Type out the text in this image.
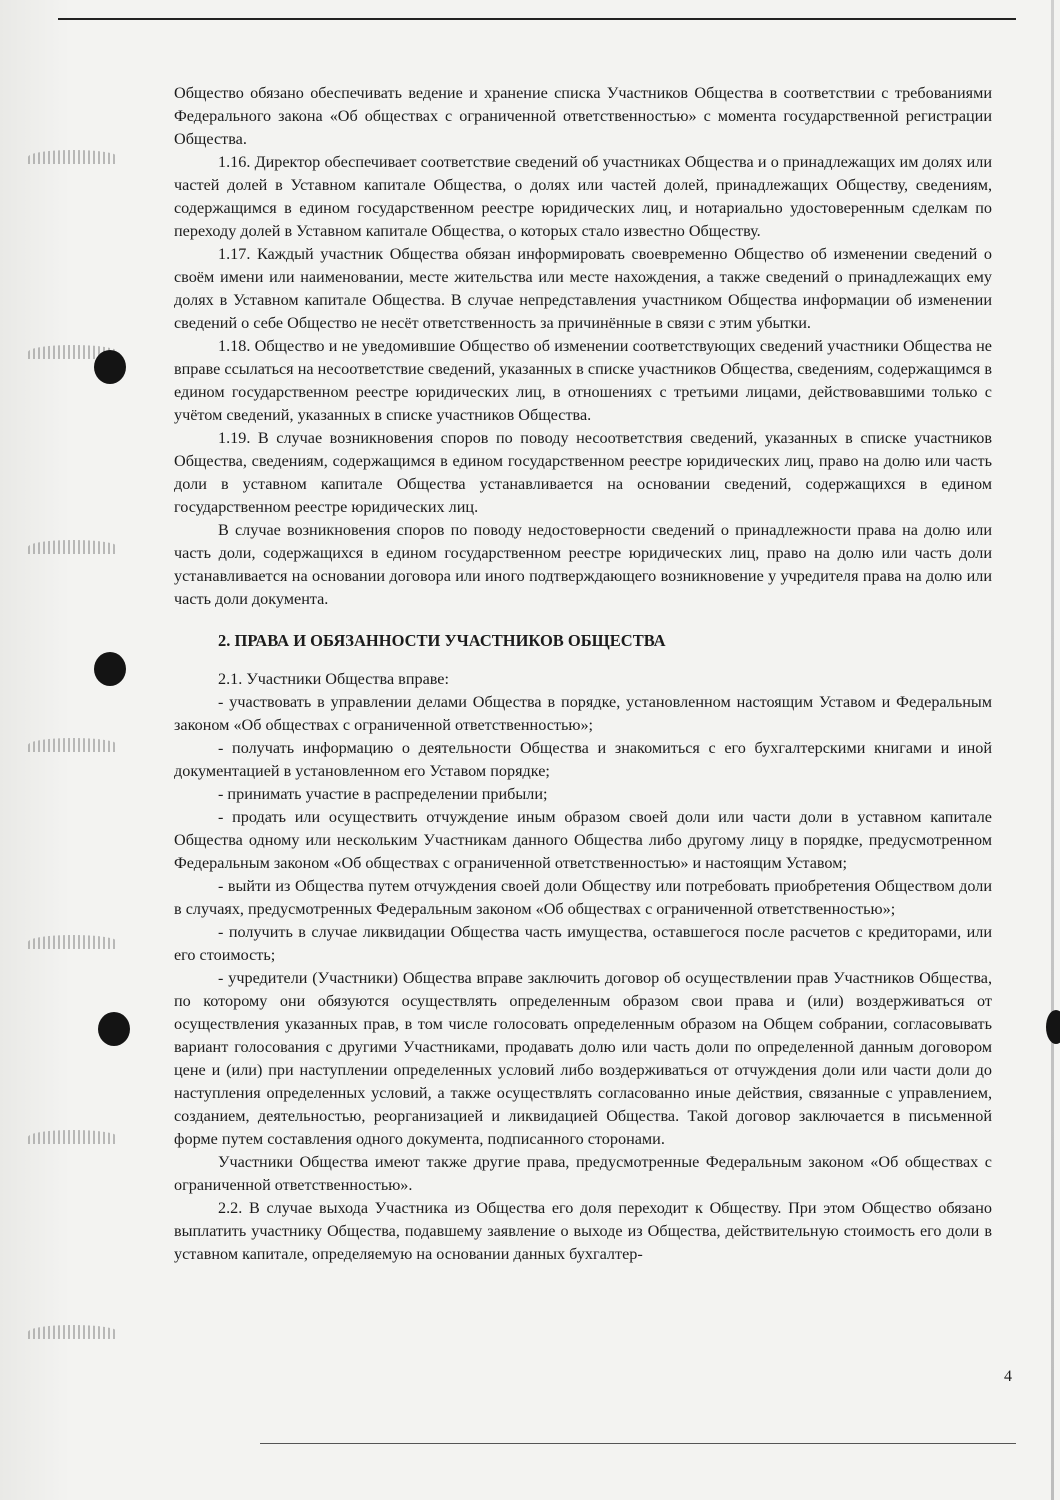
Общество обязано обеспечивать ведение и хранение списка Участников Общества в соответствии с требованиями Федерального закона «Об обществах с ограниченной ответственностью» с момента государственной регистрации Общества.

1.16. Директор обеспечивает соответствие сведений об участниках Общества и о принадлежащих им долях или частей долей в Уставном капитале Общества, о долях или частей долей, принадлежащих Обществу, сведениям, содержащимся в едином государственном реестре юридических лиц, и нотариально удостоверенным сделкам по переходу долей в Уставном капитале Общества, о которых стало известно Обществу.

1.17. Каждый участник Общества обязан информировать своевременно Общество об изменении сведений о своём имени или наименовании, месте жительства или месте нахождения, а также сведений о принадлежащих ему долях в Уставном капитале Общества. В случае непредставления участником Общества информации об изменении сведений о себе Общество не несёт ответственность за причинённые в связи с этим убытки.

1.18. Общество и не уведомившие Общество об изменении соответствующих сведений участники Общества не вправе ссылаться на несоответствие сведений, указанных в списке участников Общества, сведениям, содержащимся в едином государственном реестре юридических лиц, в отношениях с третьими лицами, действовавшими только с учётом сведений, указанных в списке участников Общества.

1.19. В случае возникновения споров по поводу несоответствия сведений, указанных в списке участников Общества, сведениям, содержащимся в едином государственном реестре юридических лиц, право на долю или часть доли в уставном капитале Общества устанавливается на основании сведений, содержащихся в едином государственном реестре юридических лиц.

В случае возникновения споров по поводу недостоверности сведений о принадлежности права на долю или часть доли, содержащихся в едином государственном реестре юридических лиц, право на долю или часть доли устанавливается на основании договора или иного подтверждающего возникновение у учредителя права на долю или часть доли документа.

2. ПРАВА И ОБЯЗАННОСТИ УЧАСТНИКОВ ОБЩЕСТВА

2.1. Участники Общества вправе:

- участвовать в управлении делами Общества в порядке, установленном настоящим Уставом и Федеральным законом «Об обществах с ограниченной ответственностью»;

- получать информацию о деятельности Общества и знакомиться с его бухгалтерскими книгами и иной документацией в установленном его Уставом порядке;

- принимать участие в распределении прибыли;

- продать или осуществить отчуждение иным образом своей доли или части доли в уставном капитале Общества одному или нескольким Участникам данного Общества либо другому лицу в порядке, предусмотренном Федеральным законом «Об обществах с ограниченной ответственностью» и настоящим Уставом;

- выйти из Общества путем отчуждения своей доли Обществу или потребовать приобретения Обществом доли в случаях, предусмотренных Федеральным законом «Об обществах с ограниченной ответственностью»;

- получить в случае ликвидации Общества часть имущества, оставшегося после расчетов с кредиторами, или его стоимость;

- учредители (Участники) Общества вправе заключить договор об осуществлении прав Участников Общества, по которому они обязуются осуществлять определенным образом свои права и (или) воздерживаться от осуществления указанных прав, в том числе голосовать определенным образом на Общем собрании, согласовывать вариант голосования с другими Участниками, продавать долю или часть доли по определенной данным договором цене и (или) при наступлении определенных условий либо воздерживаться от отчуждения доли или части доли до наступления определенных условий, а также осуществлять согласованно иные действия, связанные с управлением, созданием, деятельностью, реорганизацией и ликвидацией Общества. Такой договор заключается в письменной форме путем составления одного документа, подписанного сторонами.

Участники Общества имеют также другие права, предусмотренные Федеральным законом «Об обществах с ограниченной ответственностью».

2.2. В случае выхода Участника из Общества его доля переходит к Обществу. При этом Общество обязано выплатить участнику Общества, подавшему заявление о выходе из Общества, действительную стоимость его доли в уставном капитале, определяемую на основании данных бухгалтер-

4
